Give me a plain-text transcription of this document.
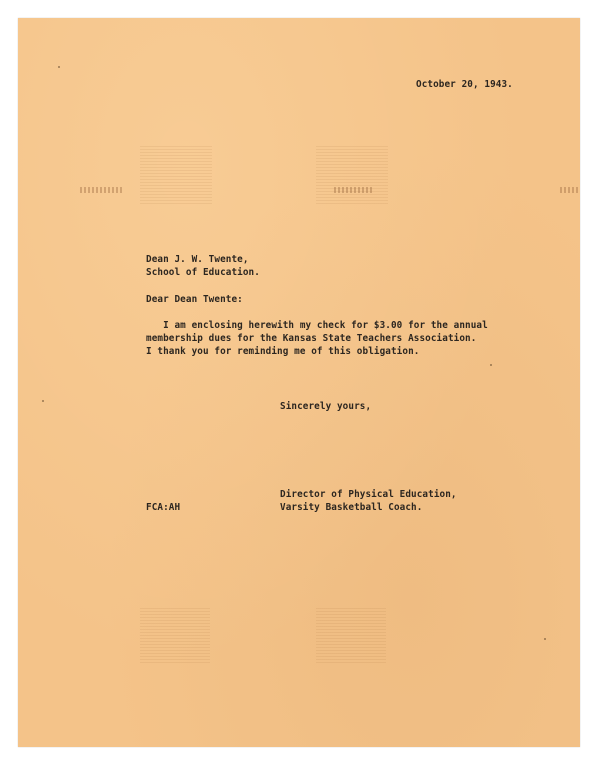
October 20, 1943.

Dean J. W. Twente,

School of Education.

Dear Dean Twente:

I am enclosing herewith my check for $3.00 for the annual

membership dues for the Kansas State Teachers Association.

I thank you for reminding me of this obligation.

Sincerely yours,

Director of Physical Education,

Varsity Basketball Coach.

FCA:AH
